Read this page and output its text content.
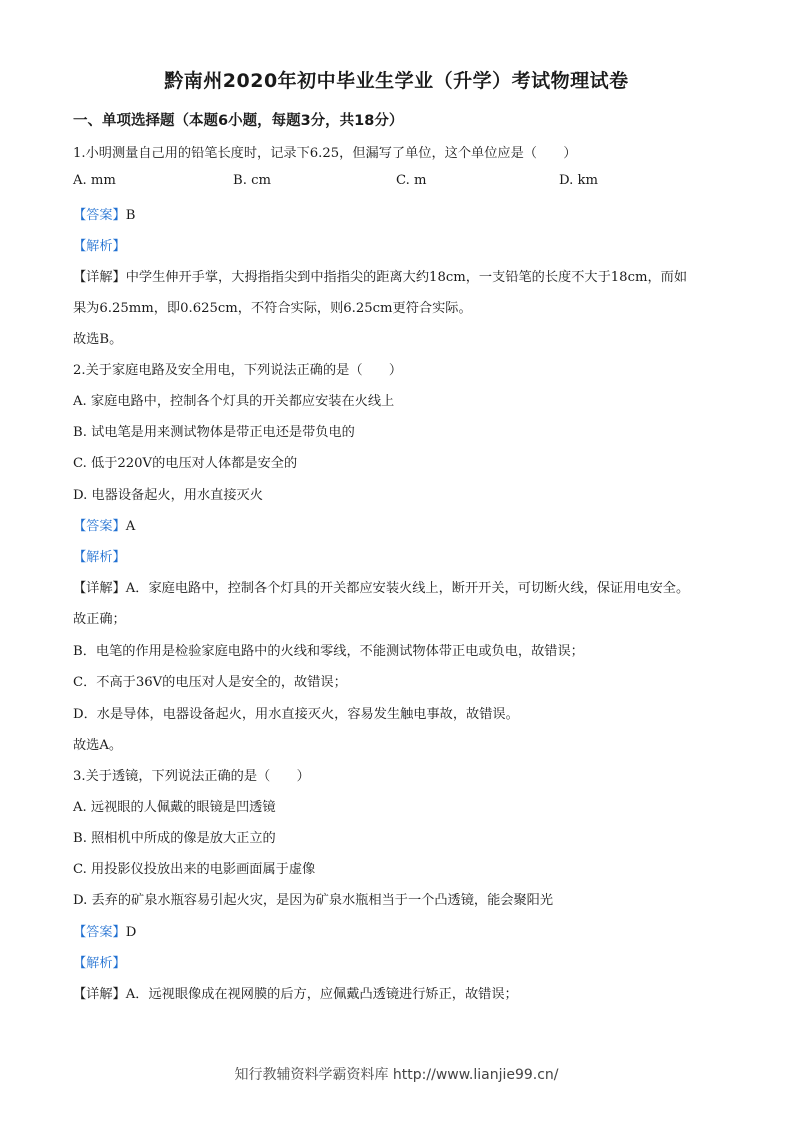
黔南州2020年初中毕业生学业（升学）考试物理试卷
一、单项选择题（本题6小题，每题3分，共18分）
1.小明测量自己用的铅笔长度时，记录下6.25，但漏写了单位，这个单位应是（　　）
A. mm	B. cm	C. m	D. km
【答案】B
【解析】
【详解】中学生伸开手掌，大拇指指尖到中指指尖的距离大约18cm，一支铅笔的长度不大于18cm，而如
果为6.25mm，即0.625cm，不符合实际，则6.25cm更符合实际。
故选B。
2.关于家庭电路及安全用电，下列说法正确的是（　　）
A. 家庭电路中，控制各个灯具的开关都应安装在火线上
B. 试电笔是用来测试物体是带正电还是带负电的
C. 低于220V的电压对人体都是安全的
D. 电器设备起火，用水直接灭火
【答案】A
【解析】
【详解】A．家庭电路中，控制各个灯具的开关都应安装火线上，断开开关，可切断火线，保证用电安全。
故正确；
B．电笔的作用是检验家庭电路中的火线和零线，不能测试物体带正电或负电，故错误；
C．不高于36V的电压对人是安全的，故错误；
D．水是导体，电器设备起火，用水直接灭火，容易发生触电事故，故错误。
故选A。
3.关于透镜，下列说法正确的是（　　）
A. 远视眼的人佩戴的眼镜是凹透镜
B. 照相机中所成的像是放大正立的
C. 用投影仪投放出来的电影画面属于虚像
D. 丢弃的矿泉水瓶容易引起火灾，是因为矿泉水瓶相当于一个凸透镜，能会聚阳光
【答案】D
【解析】
【详解】A．远视眼像成在视网膜的后方，应佩戴凸透镜进行矫正，故错误；
知行教辅资料学霸资料库 http://www.lianjie99.cn/
